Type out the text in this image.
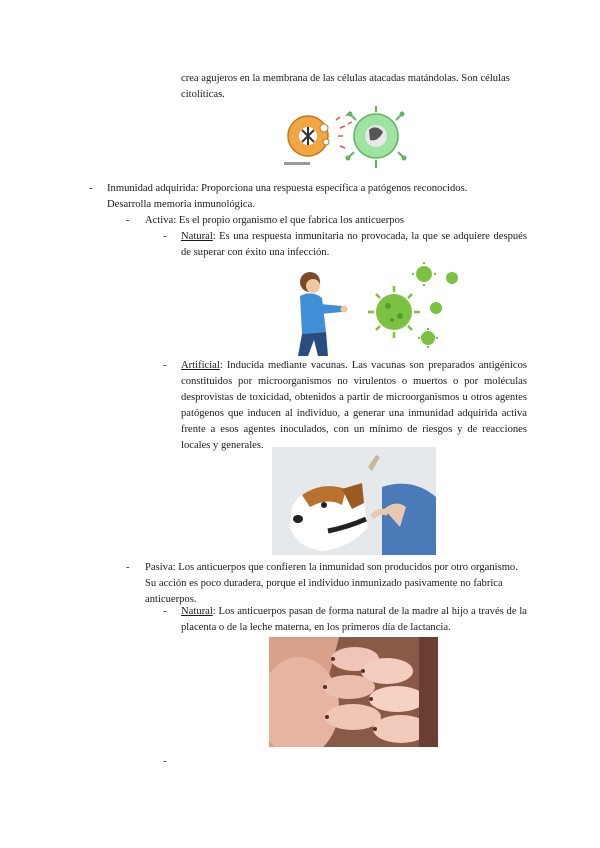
crea agujeros en la membrana de las células atacadas matándolas. Son células citolíticas.
- Inmunidad adquirida: Proporciona una respuesta específica a patógenos reconocidos. Desarrolla memoria inmunológica.
- Activa: Es el propio organismo el que fabrica los anticuerpos
- Natural: Es una respuesta inmunitaria no provocada, la que se adquiere después de superar con éxito una infección.
- Artificial: Inducida mediante vacunas. Las vacunas son preparados antigénicos constituidos por microorganismos no virulentos o muertos o por moléculas desprovistas de toxicidad, obtenidos a partir de microorganismos u otros agentes patógenos que inducen al individuo, a generar una inmunidad adquirida activa frente a esos agentes inoculados, con un mínimo de riesgos y de reacciones locales y generales.
- Pasiva: Los anticuerpos que confieren la inmunidad son producidos por otro organismo. Su acción es poco duradera, porque el individuo inmunizado pasivamente no fabrica anticuerpos.
- Natural: Los anticuerpos pasan de forma natural de la madre al hijo a través de la placenta o de la leche materna, en los primeros día de lactancia.
-
